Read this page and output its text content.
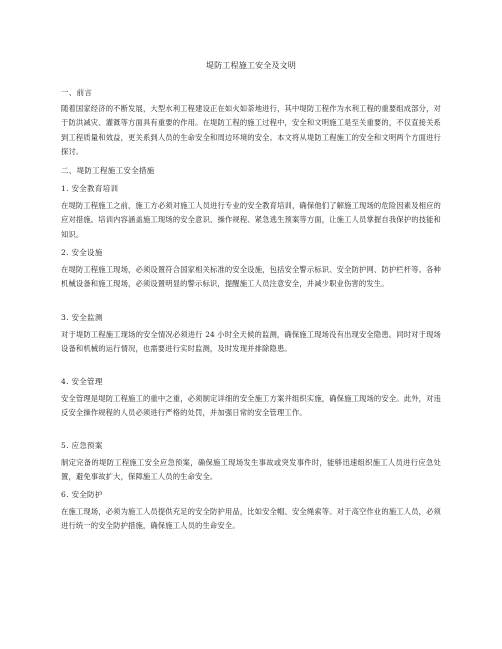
堤防工程施工安全及文明
一、前言
随着国家经济的不断发展，大型水利工程建设正在如火如荼地进行，其中堤防工程作为水利工程的重要组成部分，对于防洪减灾、灌溉等方面具有重要的作用。在堤防工程的施工过程中，安全和文明施工是至关重要的，不仅直接关系到工程质量和效益，更关系到人员的生命安全和周边环境的安全。本文将从堤防工程施工的安全和文明两个方面进行探讨。
二、堤防工程施工安全措施
1. 安全教育培训
在堤防工程施工之前，施工方必须对施工人员进行专业的安全教育培训，确保他们了解施工现场的危险因素及相应的应对措施。培训内容涵盖施工现场的安全意识、操作规程、紧急逃生预案等方面，让施工人员掌握自我保护的技能和知识。
2. 安全设施
在堤防工程施工现场，必须设置符合国家相关标准的安全设施，包括安全警示标识、安全防护网、防护栏杆等。各种机械设备和施工现场，必须设置明显的警示标识，提醒施工人员注意安全，并减少职业伤害的发生。
3. 安全监测
对于堤防工程施工现场的安全情况必须进行 24 小时全天候的监测，确保施工现场没有出现安全隐患。同时对于现场设备和机械的运行情况，也需要进行实时监测，及时发现并排除隐患。
4. 安全管理
安全管理是堤防工程施工的重中之重，必须制定详细的安全施工方案并组织实施，确保施工现场的安全。此外，对违反安全操作规程的人员必须进行严格的处罚，并加强日常的安全管理工作。
5. 应急预案
制定完备的堤防工程施工安全应急预案，确保施工现场发生事故或突发事件时，能够迅速组织施工人员进行应急处置，避免事故扩大，保障施工人员的生命安全。
6. 安全防护
在施工现场，必须为施工人员提供充足的安全防护用品，比如安全帽、安全绳索等。对于高空作业的施工人员，必须进行统一的安全防护措施，确保施工人员的生命安全。
